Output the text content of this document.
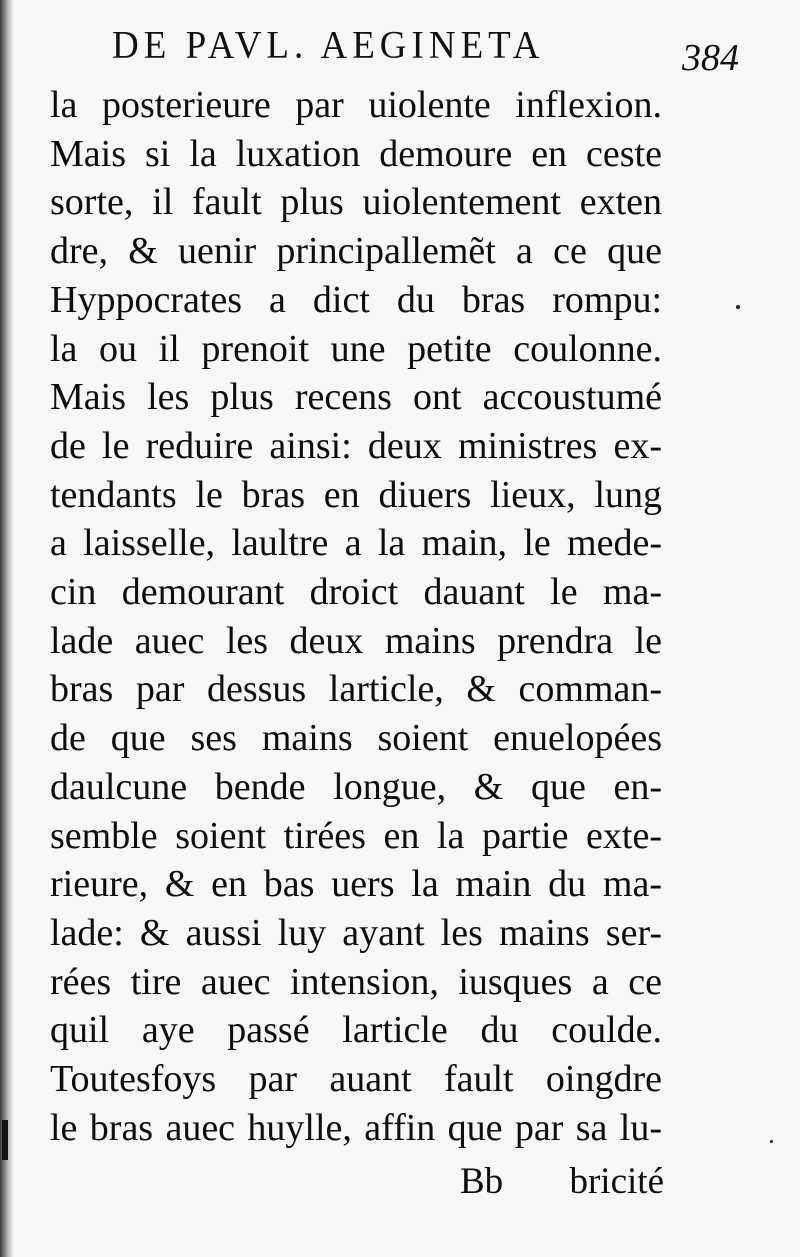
DE PAVL. AEGINETA	384
la posterieure par uiolente inflexion.
Mais si la luxation demoure en ceste
sorte, il fault plus uiolentement exten
dre, & uenir principallemẽt a ce que
Hyppocrates a dict du bras rompu:
la ou il prenoit une petite coulonne.
Mais les plus recens ont accoustumé
de le reduire ainsi: deux ministres ex-
tendants le bras en diuers lieux, lung
a laisselle, laultre a la main, le mede-
cin demourant droict dauant le ma-
lade auec les deux mains prendra le
bras par dessus larticle, & comman-
de que ses mains soient enuelopées
daulcune bende longue, & que en-
semble soient tirées en la partie exte-
rieure, & en bas uers la main du ma-
lade: & aussi luy ayant les mains ser-
rées tire auec intension, iusques a ce
quil aye passé larticle du coulde.
Toutesfoys par auant fault oingdre
le bras auec huylle, affin que par sa lu-
Bb bricité
